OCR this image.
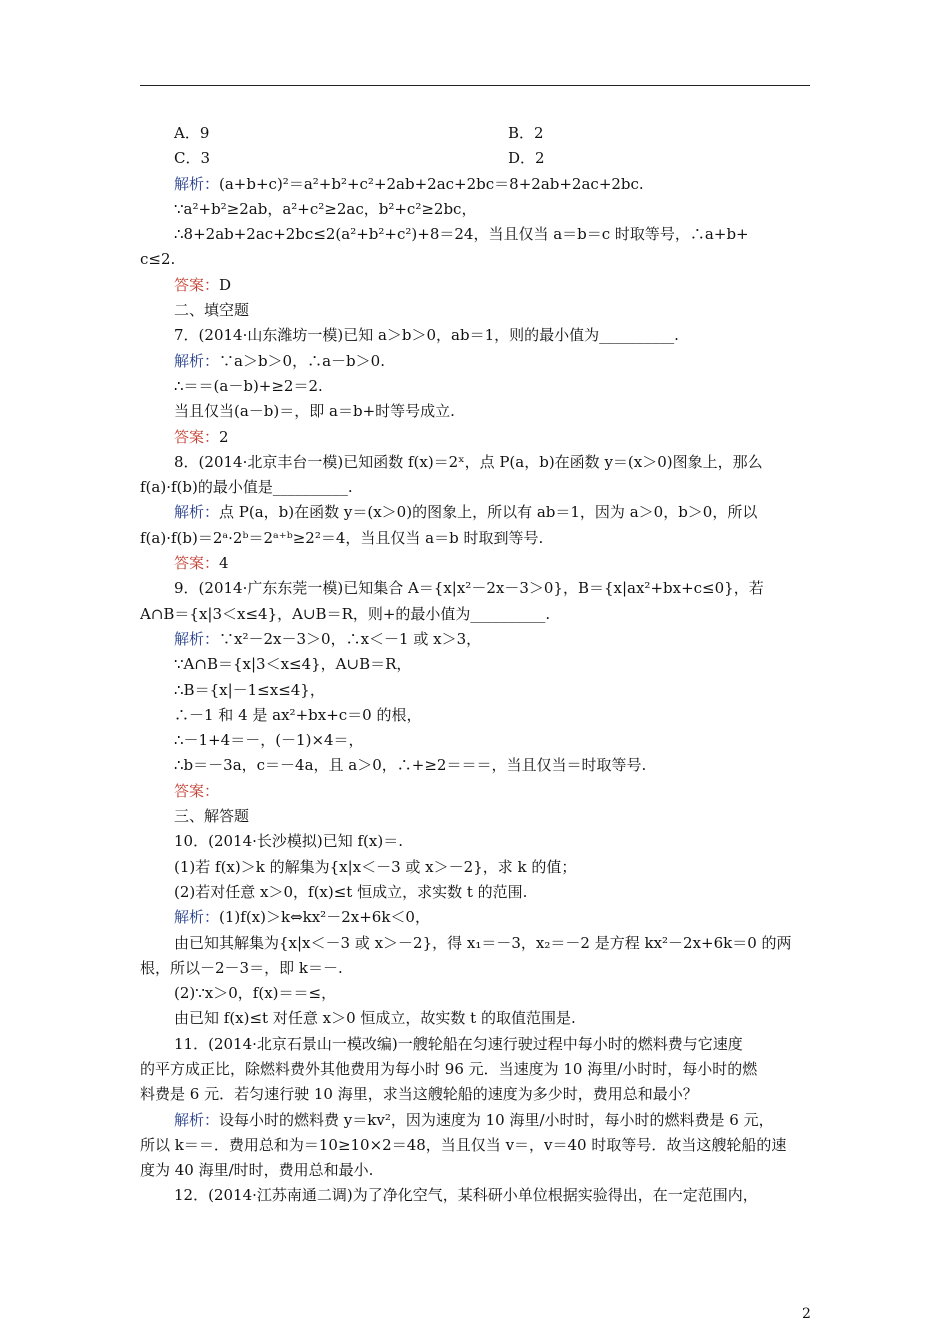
A．9	B．2
C．3	D．2
解析：(a+b+c)²＝a²+b²+c²+2ab+2ac+2bc＝8+2ab+2ac+2bc.
∵a²+b²≥2ab，a²+c²≥2ac，b²+c²≥2bc，
∴8+2ab+2ac+2bc≤2(a²+b²+c²)+8＝24，当且仅当 a＝b＝c 时取等号，∴a+b+
c≤2.
答案：D
二、填空题
7．(2014·山东潍坊一模)已知 a＞b＞0，ab＝1，则的最小值为__________.
解析：∵a＞b＞0，∴a－b＞0.
∴＝＝(a－b)+≥2＝2.
当且仅当(a－b)＝，即 a＝b+时等号成立.
答案：2
8．(2014·北京丰台一模)已知函数 f(x)＝2ˣ，点 P(a，b)在函数 y＝(x＞0)图象上，那么
f(a)·f(b)的最小值是__________.
解析：点 P(a，b)在函数 y＝(x＞0)的图象上，所以有 ab＝1，因为 a＞0，b＞0，所以
f(a)·f(b)＝2ᵃ·2ᵇ＝2ᵃ⁺ᵇ≥2²＝4，当且仅当 a＝b 时取到等号.
答案：4
9．(2014·广东东莞一模)已知集合 A＝{x|x²－2x－3＞0}，B＝{x|ax²+bx+c≤0}，若
A∩B＝{x|3＜x≤4}，A∪B＝R，则+的最小值为__________.
解析：∵x²－2x－3＞0，∴x＜－1 或 x＞3，
∵A∩B＝{x|3＜x≤4}，A∪B＝R，
∴B＝{x|－1≤x≤4}，
∴－1 和 4 是 ax²+bx+c＝0 的根，
∴－1+4＝－，(－1)×4＝，
∴b＝－3a，c＝－4a，且 a＞0，∴+≥2＝＝＝，当且仅当＝时取等号.
答案：
三、解答题
10．(2014·长沙模拟)已知 f(x)＝.
(1)若 f(x)＞k 的解集为{x|x＜－3 或 x＞－2}，求 k 的值；
(2)若对任意 x＞0，f(x)≤t 恒成立，求实数 t 的范围.
解析：(1)f(x)＞k⇔kx²－2x+6k＜0，
由已知其解集为{x|x＜－3 或 x＞－2}，得 x₁＝－3，x₂＝－2 是方程 kx²－2x+6k＝0 的两
根，所以－2－3＝，即 k＝－.
(2)∵x＞0，f(x)＝＝≤，
由已知 f(x)≤t 对任意 x＞0 恒成立，故实数 t 的取值范围是.
11．(2014·北京石景山一模改编)一艘轮船在匀速行驶过程中每小时的燃料费与它速度
的平方成正比，除燃料费外其他费用为每小时 96 元．当速度为 10 海里/小时时，每小时的燃
料费是 6 元．若匀速行驶 10 海里，求当这艘轮船的速度为多少时，费用总和最小？
解析：设每小时的燃料费 y＝kv²，因为速度为 10 海里/小时时，每小时的燃料费是 6 元，
所以 k＝＝．费用总和为＝10≥10×2＝48，当且仅当 v＝，v＝40 时取等号．故当这艘轮船的速
度为 40 海里/时时，费用总和最小.
12．(2014·江苏南通二调)为了净化空气，某科研小单位根据实验得出，在一定范围内，
2
